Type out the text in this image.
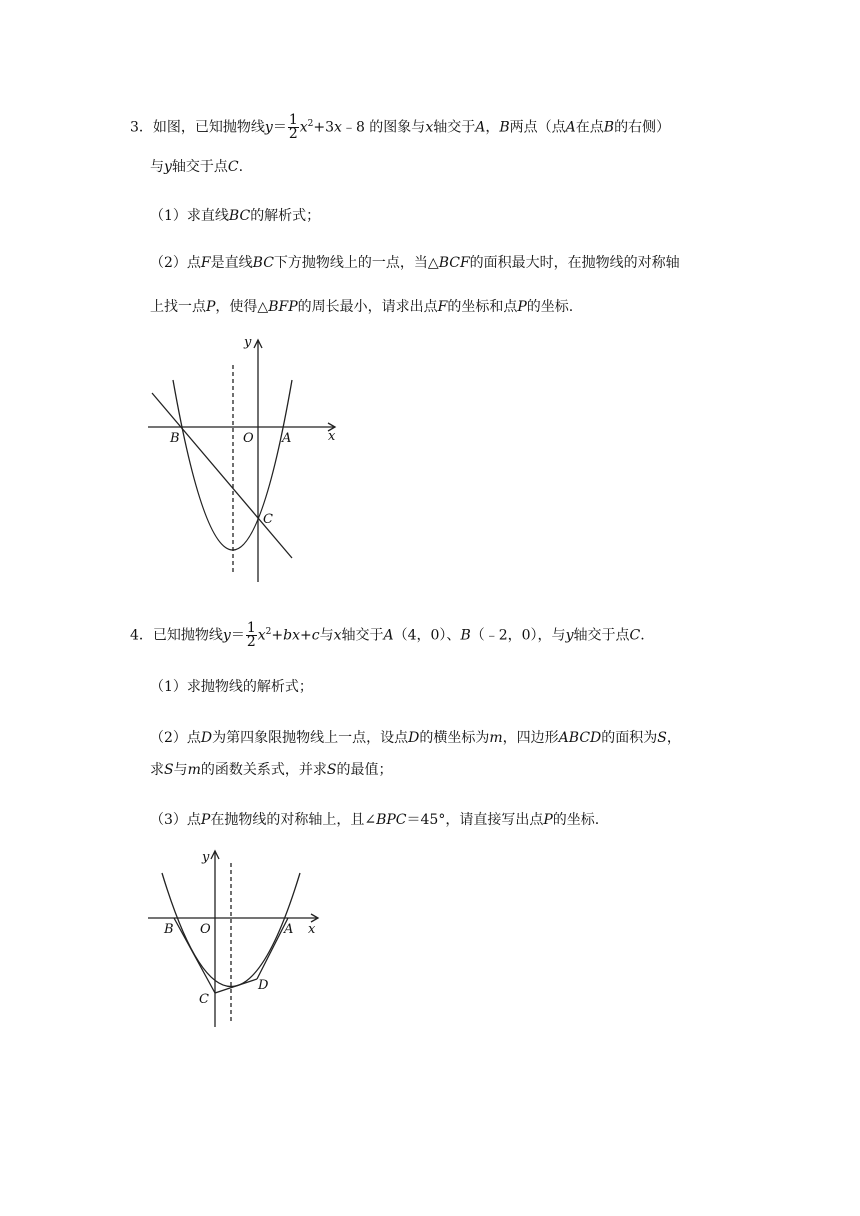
3．如图，已知抛物线$y= \frac{1}{2}$ $x^2+3x﹣8$ 的图象与x轴交于A，B两点（点A在点B的右侧）
与y轴交于点C.
（1）求直线BC的解析式；
（2）点F是直线BC下方抛物线上的一点，当△BCF的面积最大时，在抛物线的对称轴
上找一点P，使得△BFP的周长最小，请求出点F的坐标和点P的坐标.
y
x
O A
B
C
4．已知抛物线$y= \frac{1}{2} x^2+bx+c$与x轴交于A（4，0）、B（﹣2，0），与y轴交于点C.
（1）求抛物线的解析式；
（2）点D为第四象限抛物线上一点，设点D的横坐标为m，四边形ABCD的面积为S，
求S与m的函数关系式，并求S的最值；
（3）点P在抛物线的对称轴上，且∠BPC＝45°，请直接写出点P的坐标.
y
x
O	A
B
C
D
